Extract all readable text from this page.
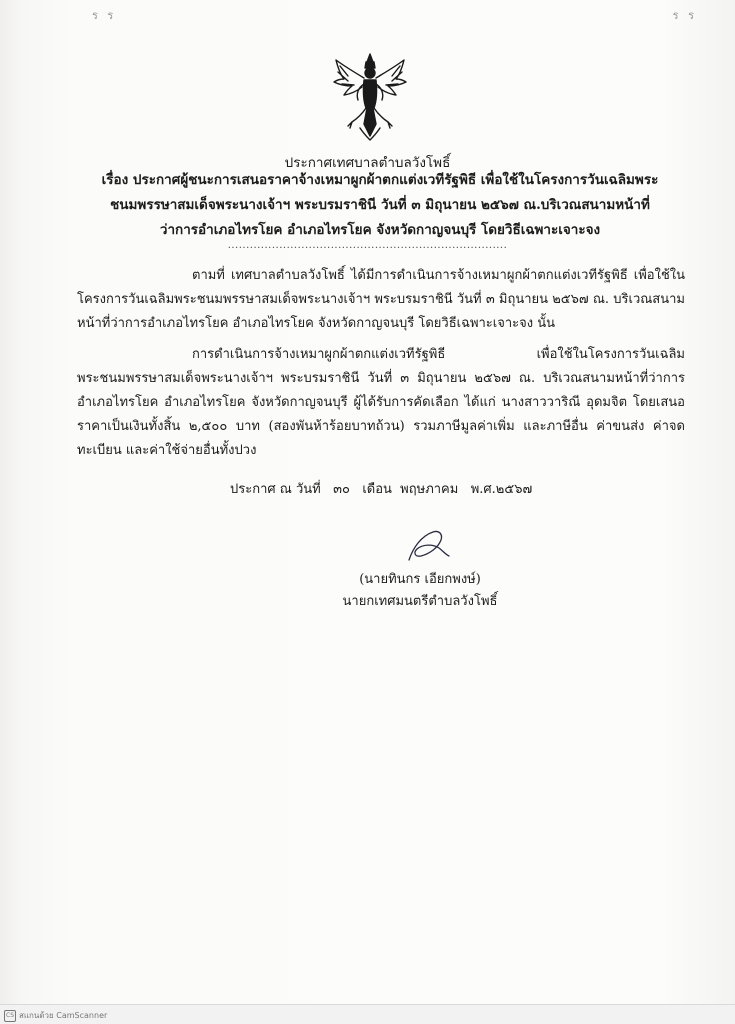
ร ร	ร ร
ประกาศเทศบาลตำบลวังโพธิ์
เรื่อง ประกาศผู้ชนะการเสนอราคาจ้างเหมาผูกผ้าตกแต่งเวทีรัฐพิธี เพื่อใช้ในโครงการวันเฉลิมพระ
ชนมพรรษาสมเด็จพระนางเจ้าฯ พระบรมราชินี วันที่ ๓ มิถุนายน ๒๕๖๗ ณ.บริเวณสนามหน้าที่
ว่าการอำเภอไทรโยค อำเภอไทรโยค จังหวัดกาญจนบุรี โดยวิธีเฉพาะเจาะจง
............................................................................

ตามที่ เทศบาลตำบลวังโพธิ์ ได้มีการดำเนินการจ้างเหมาผูกผ้าตกแต่งเวทีรัฐพิธี เพื่อใช้ในโครงการวันเฉลิมพระชนมพรรษาสมเด็จพระนางเจ้าฯ พระบรมราชินี วันที่ ๓ มิถุนายน ๒๕๖๗ ณ. บริเวณสนามหน้าที่ว่าการอำเภอไทรโยค อำเภอไทรโยค จังหวัดกาญจนบุรี โดยวิธีเฉพาะเจาะจง นั้น

การดำเนินการจ้างเหมาผูกผ้าตกแต่งเวทีรัฐพิธี เพื่อใช้ในโครงการวันเฉลิมพระชนมพรรษาสมเด็จพระนางเจ้าฯ พระบรมราชินี วันที่ ๓ มิถุนายน ๒๕๖๗ ณ. บริเวณสนามหน้าที่ว่าการอำเภอไทรโยค อำเภอไทรโยค จังหวัดกาญจนบุรี ผู้ได้รับการคัดเลือก ได้แก่ นางสาววาริณี อุดมจิต โดยเสนอราคาเป็นเงินทั้งสิ้น ๒,๕๐๐ บาท (สองพันห้าร้อยบาทถ้วน) รวมภาษีมูลค่าเพิ่ม และภาษีอื่น ค่าขนส่ง ค่าจดทะเบียน และค่าใช้จ่ายอื่นทั้งปวง

ประกาศ ณ วันที่   ๓๐   เดือน  พฤษภาคม   พ.ศ.๒๕๖๗
(นายทินกร เอียกพงษ์)
นายกเทศมนตรีตำบลวังโพธิ์
CS สแกนด้วย CamScanner
